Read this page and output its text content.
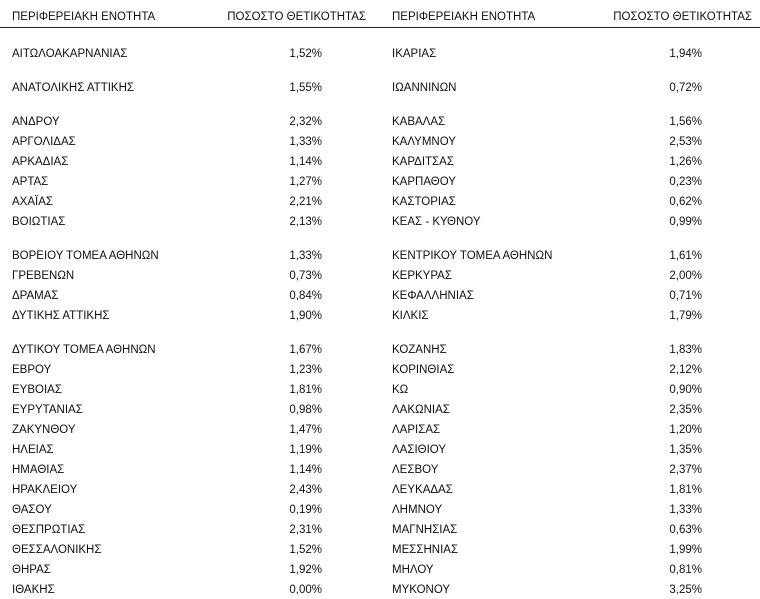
ΠΕΡΙΦΕΡΕΙΑΚΗ ΕΝΟΤΗΤΑ	ΠΟΣΟΣΤΟ ΘΕΤΙΚΟΤΗΤΑΣ
ΑΙΤΩΛΟΑΚΑΡΝΑΝΙΑΣ	1,52%
ΑΝΑΤΟΛΙΚΗΣ ΑΤΤΙΚΗΣ	1,55%
ΑΝΔΡΟΥ	2,32%
ΑΡΓΟΛΙΔΑΣ	1,33%
ΑΡΚΑΔΙΑΣ	1,14%
ΑΡΤΑΣ	1,27%
ΑΧΑΪΑΣ	2,21%
ΒΟΙΩΤΙΑΣ	2,13%
ΒΟΡΕΙΟΥ ΤΟΜΕΑ ΑΘΗΝΩΝ	1,33%
ΓΡΕΒΕΝΩΝ	0,73%
ΔΡΑΜΑΣ	0,84%
ΔΥΤΙΚΗΣ ΑΤΤΙΚΗΣ	1,90%
ΔΥΤΙΚΟΥ ΤΟΜΕΑ ΑΘΗΝΩΝ	1,67%
ΕΒΡΟΥ	1,23%
ΕΥΒΟΙΑΣ	1,81%
ΕΥΡΥΤΑΝΙΑΣ	0,98%
ΖΑΚΥΝΘΟΥ	1,47%
ΗΛΕΙΑΣ	1,19%
ΗΜΑΘΙΑΣ	1,14%
ΗΡΑΚΛΕΙΟΥ	2,43%
ΘΑΣΟΥ	0,19%
ΘΕΣΠΡΩΤΙΑΣ	2,31%
ΘΕΣΣΑΛΟΝΙΚΗΣ	1,52%
ΘΗΡΑΣ	1,92%
ΙΘΑΚΗΣ	0,00%
ΠΕΡΙΦΕΡΕΙΑΚΗ ΕΝΟΤΗΤΑ	ΠΟΣΟΣΤΟ ΘΕΤΙΚΟΤΗΤΑΣ
ΙΚΑΡΙΑΣ	1,94%
ΙΩΑΝΝΙΝΩΝ	0,72%
ΚΑΒΑΛΑΣ	1,56%
ΚΑΛΥΜΝΟΥ	2,53%
ΚΑΡΔΙΤΣΑΣ	1,26%
ΚΑΡΠΑΘΟΥ	0,23%
ΚΑΣΤΟΡΙΑΣ	0,62%
ΚΕΑΣ - ΚΥΘΝΟΥ	0,99%
ΚΕΝΤΡΙΚΟΥ ΤΟΜΕΑ ΑΘΗΝΩΝ	1,61%
ΚΕΡΚΥΡΑΣ	2,00%
ΚΕΦΑΛΛΗΝΙΑΣ	0,71%
ΚΙΛΚΙΣ	1,79%
ΚΟΖΑΝΗΣ	1,83%
ΚΟΡΙΝΘΙΑΣ	2,12%
ΚΩ	0,90%
ΛΑΚΩΝΙΑΣ	2,35%
ΛΑΡΙΣΑΣ	1,20%
ΛΑΣΙΘΙΟΥ	1,35%
ΛΕΣΒΟΥ	2,37%
ΛΕΥΚΑΔΑΣ	1,81%
ΛΗΜΝΟΥ	1,33%
ΜΑΓΝΗΣΙΑΣ	0,63%
ΜΕΣΣΗΝΙΑΣ	1,99%
ΜΗΛΟΥ	0,81%
ΜΥΚΟΝΟΥ	3,25%
